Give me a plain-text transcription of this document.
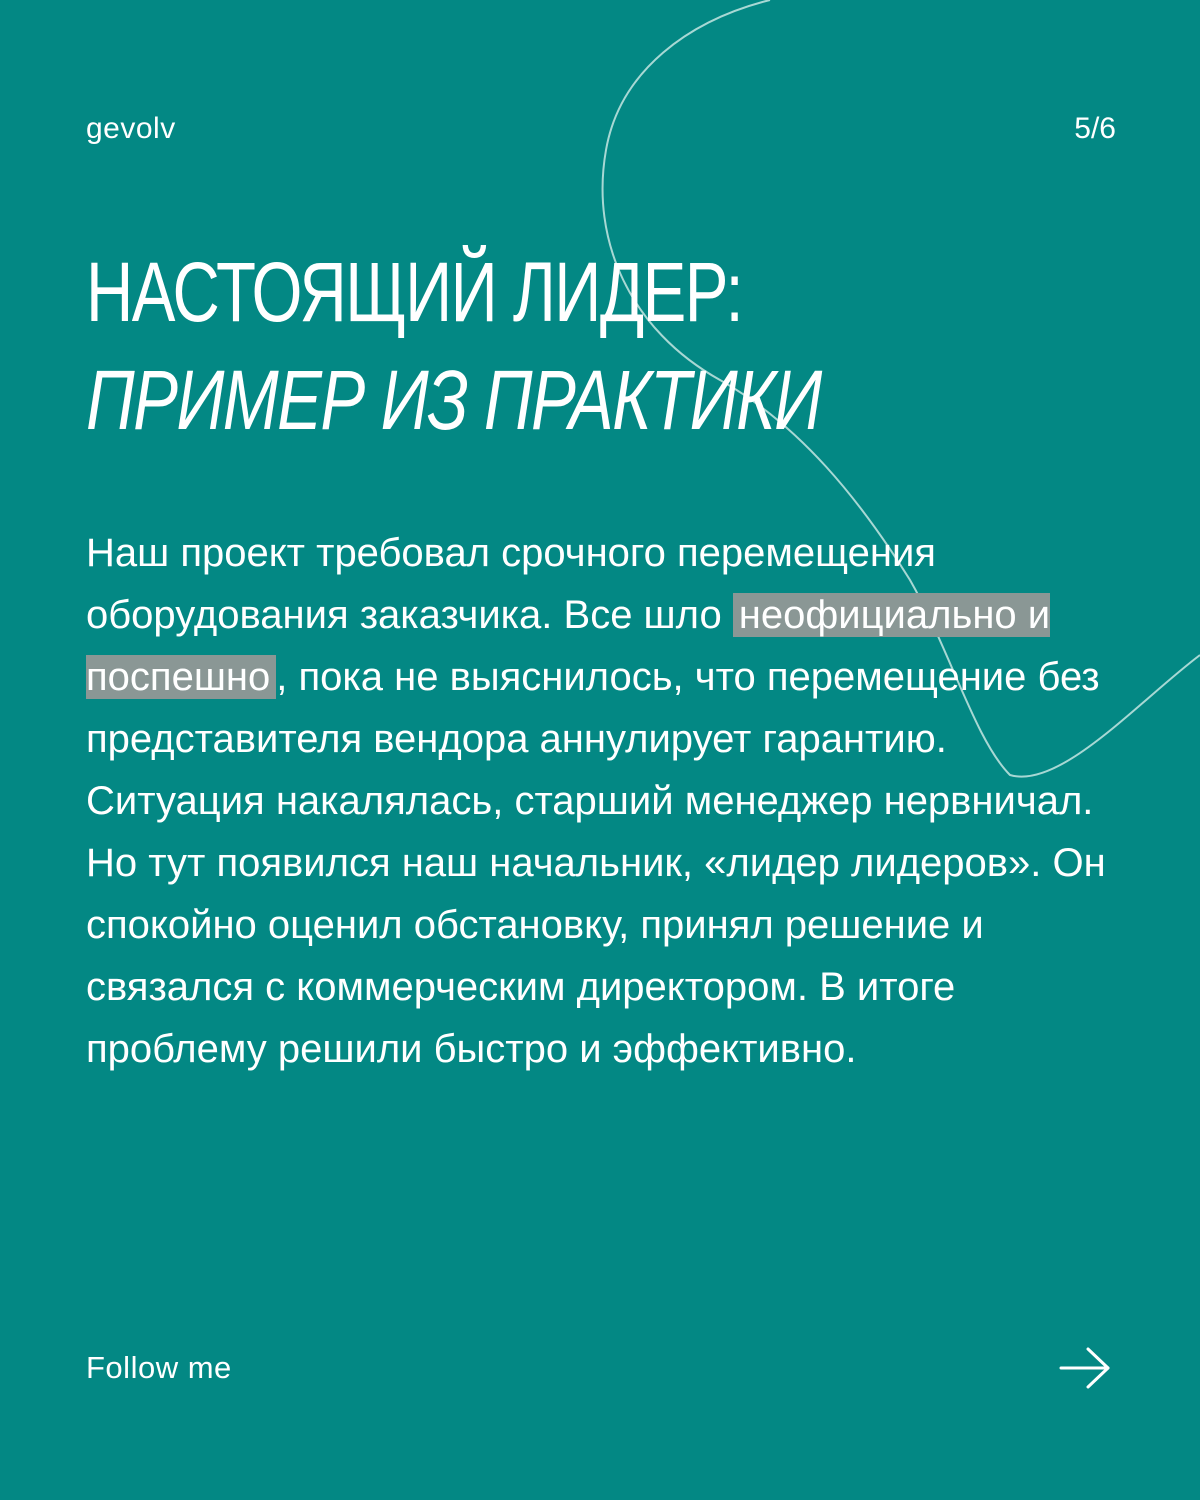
gevolv	5/6
НАСТОЯЩИЙ ЛИДЕР:
ПРИМЕР ИЗ ПРАКТИКИ

Наш проект требовал срочного перемещения оборудования заказчика. Все шло неофициально и поспешно , пока не выяснилось, что перемещение без представителя вендора аннулирует гарантию.

Ситуация накалялась, старший менеджер нервничал. Но тут появился наш начальник, «лидер лидеров». Он спокойно оценил обстановку, принял решение и связался с коммерческим директором. В итоге проблему решили быстро и эффективно.

Follow me
